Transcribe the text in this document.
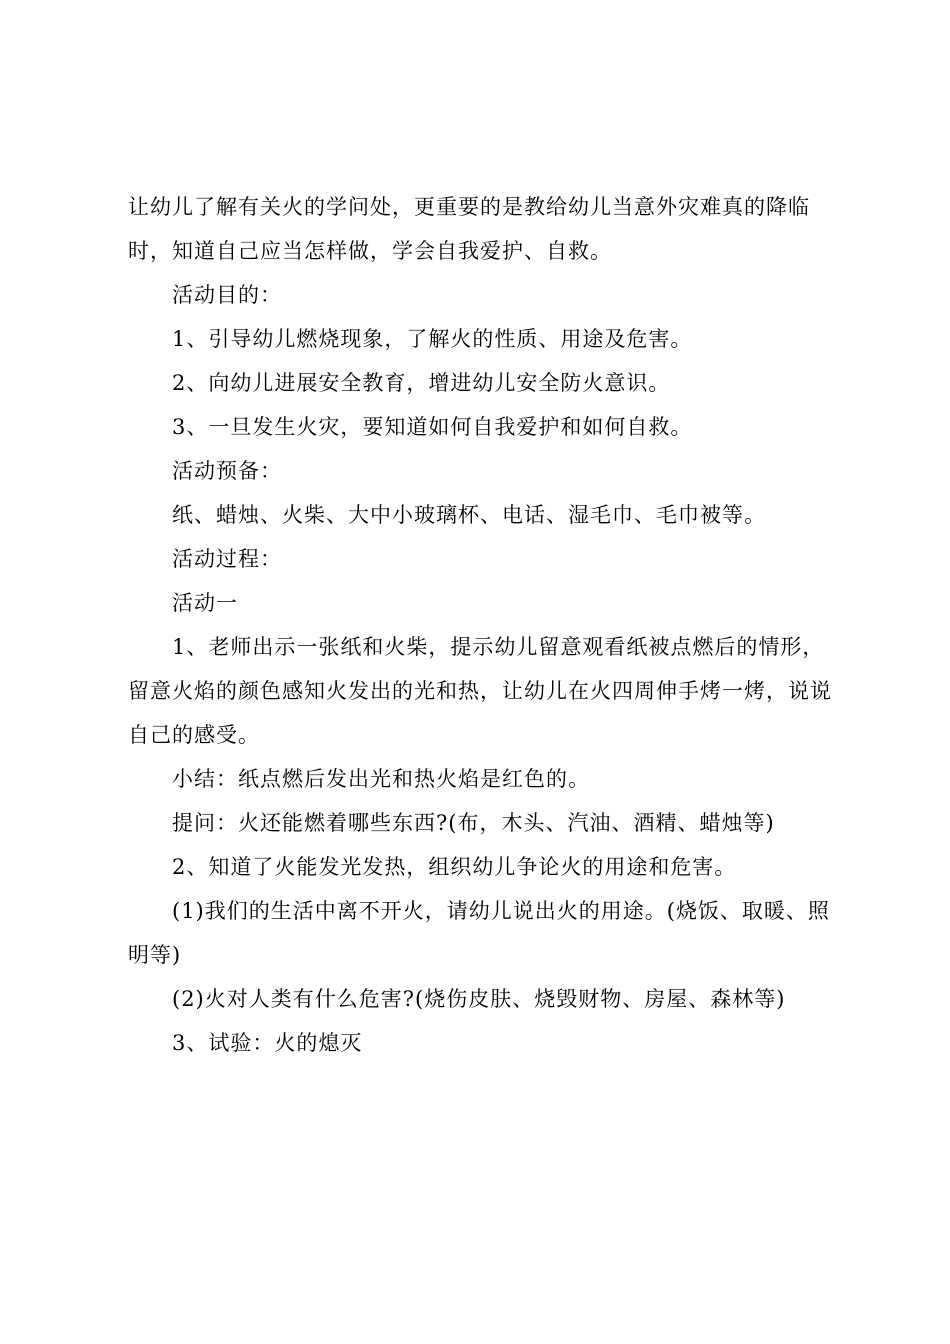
让幼儿了解有关火的学问处，更重要的是教给幼儿当意外灾难真的降临时，知道自己应当怎样做，学会自我爱护、自救。

活动目的：

1、引导幼儿燃烧现象，了解火的性质、用途及危害。

2、向幼儿进展安全教育，增进幼儿安全防火意识。

3、一旦发生火灾，要知道如何自我爱护和如何自救。

活动预备：

纸、蜡烛、火柴、大中小玻璃杯、电话、湿毛巾、毛巾被等。

活动过程：

活动一

1、老师出示一张纸和火柴，提示幼儿留意观看纸被点燃后的情形，留意火焰的颜色感知火发出的光和热，让幼儿在火四周伸手烤一烤，说说自己的感受。

小结：纸点燃后发出光和热火焰是红色的。

提问：火还能燃着哪些东西?(布，木头、汽油、酒精、蜡烛等)

2、知道了火能发光发热，组织幼儿争论火的用途和危害。

(1)我们的生活中离不开火，请幼儿说出火的用途。(烧饭、取暖、照明等)

(2)火对人类有什么危害?(烧伤皮肤、烧毁财物、房屋、森林等)

3、试验：火的熄灭
